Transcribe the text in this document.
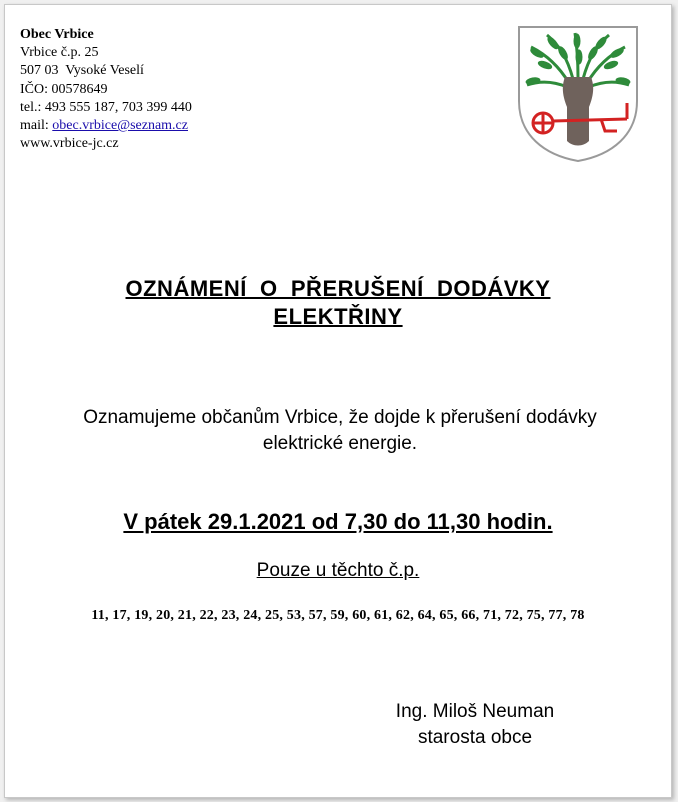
Obec Vrbice
Vrbice č.p. 25
507 03  Vysoké Veselí
IČO: 00578649
tel.: 493 555 187, 703 399 440
mail: obec.vrbice@seznam.cz
www.vrbice-jc.cz
OZNÁMENÍ  O  PŘERUŠENÍ  DODÁVKY
ELEKTŘINY
Oznamujeme občanům Vrbice, že dojde k přerušení dodávky elektrické energie.
V pátek 29.1.2021 od 7,30 do 11,30 hodin.
Pouze u těchto č.p.
11, 17, 19, 20, 21, 22, 23, 24, 25, 53, 57, 59, 60, 61, 62, 64, 65, 66, 71, 72, 75, 77, 78
Ing. Miloš Neuman
starosta obce
